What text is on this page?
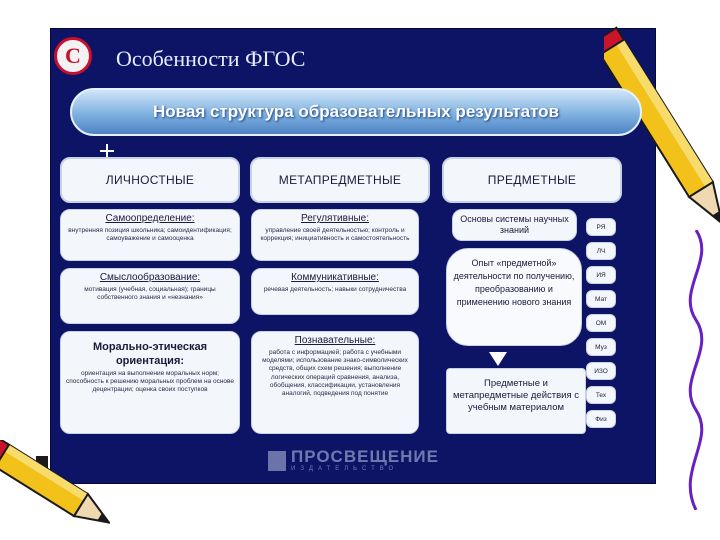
С Особенности ФГОС
Новая структура образовательных результатов
ЛИЧНОСТНЫЕ	МЕТАПРЕДМЕТНЫЕ	ПРЕДМЕТНЫЕ
Самоопределение:
внутренняя позиция школьника; самоидентификация; самоуважение и самооценка
Смыслообразование:
мотивация (учебная, социальная); границы собственного знания и «незнания»
Морально-этическая ориентация:
ориентация на выполнение моральных норм; способность к решению моральных проблем на основе децентрации; оценка своих поступков
Регулятивные:
управление своей деятельностью; контроль и коррекция; инициативность и самостоятельность
Коммуникативные:
речевая деятельность; навыки сотрудничества
Познавательные:
работа с информацией; работа с учебными моделями; использование знако-символических средств, общих схем решения; выполнение логических операций сравнения, анализа, обобщения, классификации, установления аналогий, подведения под понятие
Основы системы научных знаний
Опыт «предметной» деятельности по получению, преобразованию и применению нового знания
Предметные и метапредметные действия с учебным материалом
РЯ
ЛЧ
ИЯ
Мат
ОМ
Муз
ИЗО
Тех
Физ
ПРОСВЕЩЕНИЕ
ИЗДАТЕЛЬСТВО
